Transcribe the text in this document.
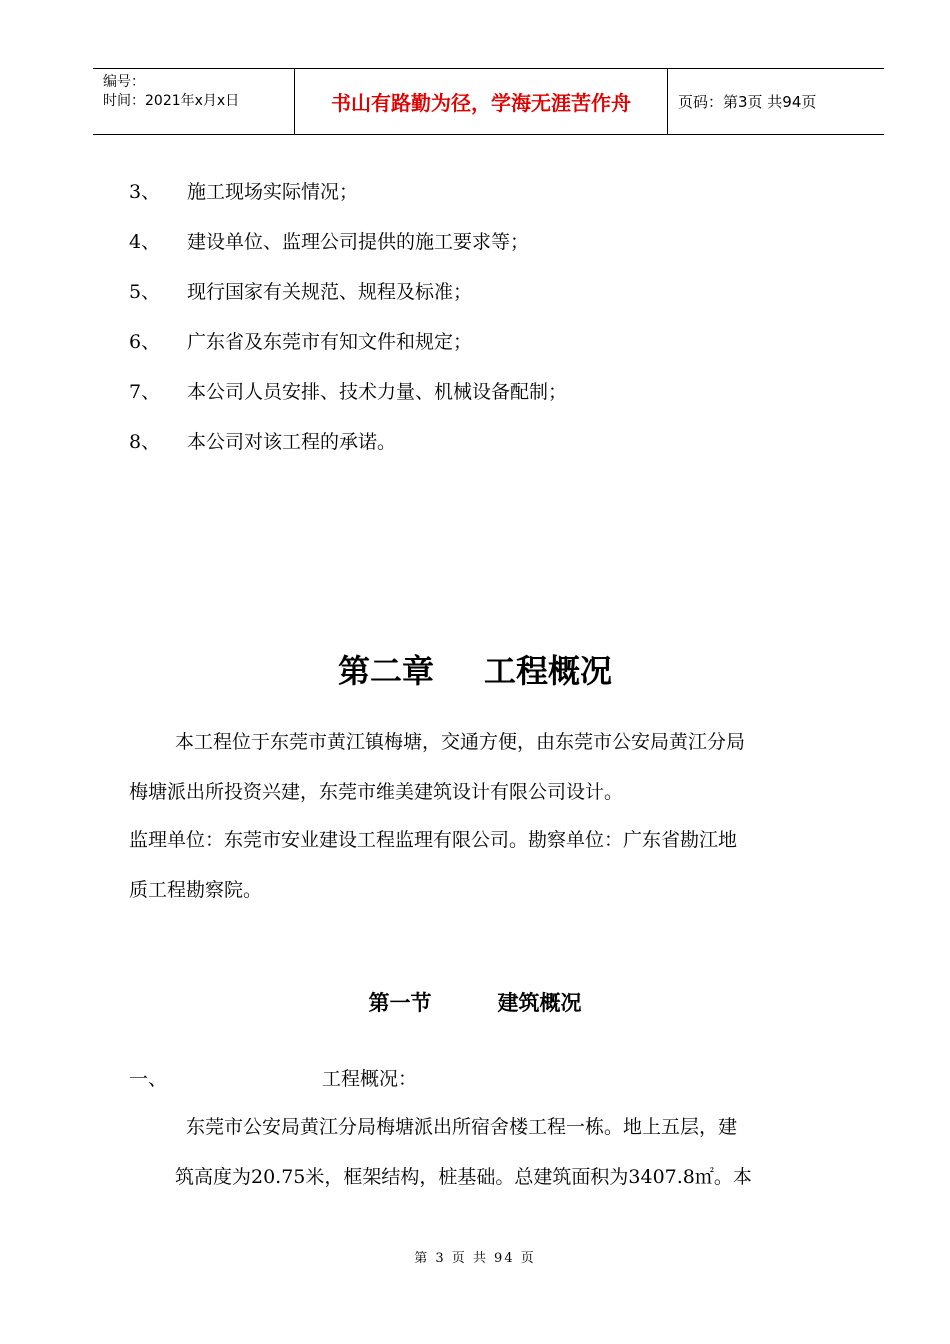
编号：
时间：2021年x月x日	书山有路勤为径，学海无涯苦作舟	页码：第3页 共94页
3、 施工现场实际情况；
4、 建设单位、监理公司提供的施工要求等；
5、 现行国家有关规范、规程及标准；
6、 广东省及东莞市有知文件和规定；
7、 本公司人员安排、技术力量、机械设备配制；
8、 本公司对该工程的承诺。
第二章 工程概况
本工程位于东莞市黄江镇梅塘，交通方便，由东莞市公安局黄江分局
梅塘派出所投资兴建，东莞市维美建筑设计有限公司设计。
监理单位：东莞市安业建设工程监理有限公司。勘察单位：广东省勘江地
质工程勘察院。
第一节	建筑概况
一、	工程概况：
东莞市公安局黄江分局梅塘派出所宿舍楼工程一栋。地上五层，建
筑高度为20.75米，框架结构，桩基础。总建筑面积为3407.8㎡。本
第 3 页 共 94 页
